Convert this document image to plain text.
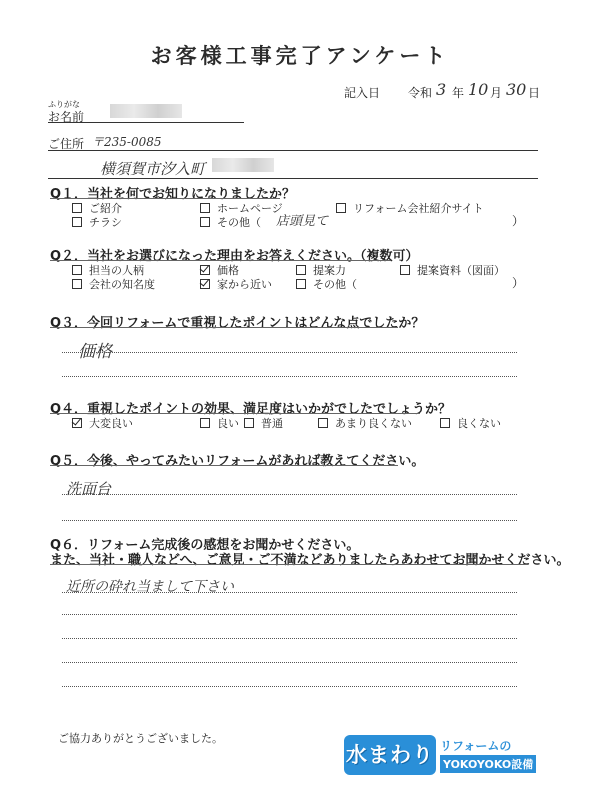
お客様工事完了アンケート
記入日 令和 3 年 10 月 30 日
ふりがな
お名前
ご住所 〒235-0085
横須賀市汐入町
Q１．当社を何でお知りになりましたか？
ご紹介	ホームページ	リフォーム会社紹介サイト
チラシ	その他（ 店頭見て	）
Q２．当社をお選びになった理由をお答えください。（複数可）
担当の人柄	価格	提案力	提案資料（図面）
会社の知名度	家から近い	その他（	）
Q３．今回リフォームで重視したポイントはどんな点でしたか？
価格
Q４．重視したポイントの効果、満足度はいかがでしたでしょうか？
大変良い	良い 普通	あまり良くない	良くない
Q５．今後、やってみたいリフォームがあれば教えてください。
洗面台
Q６．リフォーム完成後の感想をお聞かせください。
また、当社・職人などへ、ご意見・ご不満などありましたらあわせてお聞かせください。
近所の砕れ当まして下さい
ご協力ありがとうございました。
水まわり リフォームの
YOKOYOKO設備
